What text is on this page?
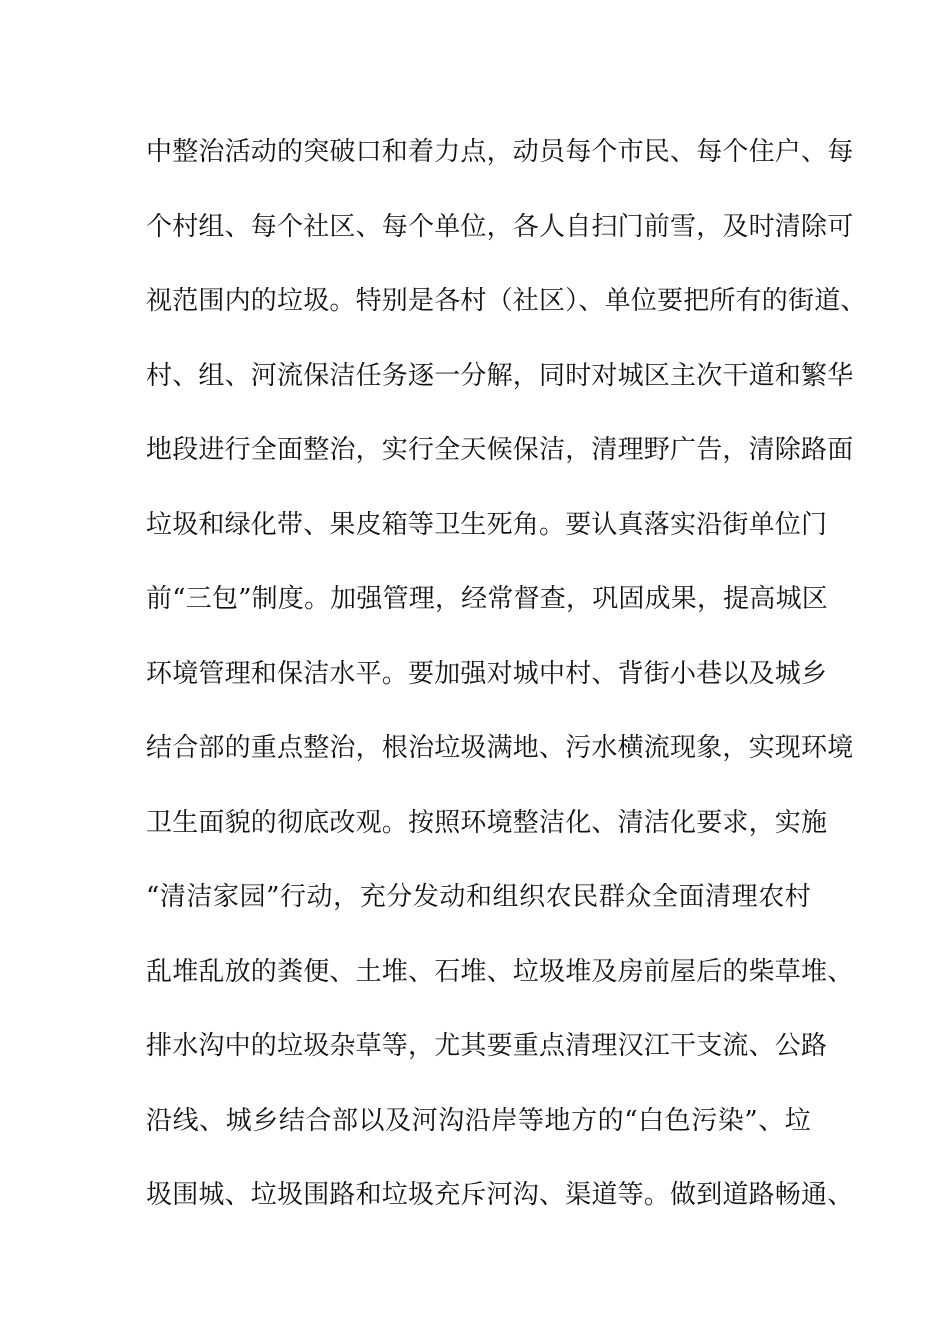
中整治活动的突破口和着力点，动员每个市民、每个住户、每
个村组、每个社区、每个单位，各人自扫门前雪，及时清除可
视范围内的垃圾。特别是各村（社区）、单位要把所有的街道、
村、组、河流保洁任务逐一分解，同时对城区主次干道和繁华
地段进行全面整治，实行全天候保洁，清理野广告，清除路面
垃圾和绿化带、果皮箱等卫生死角。要认真落实沿街单位门
前“三包”制度。加强管理，经常督查，巩固成果，提高城区
环境管理和保洁水平。要加强对城中村、背街小巷以及城乡
结合部的重点整治，根治垃圾满地、污水横流现象，实现环境
卫生面貌的彻底改观。按照环境整洁化、清洁化要求，实施
“清洁家园”行动，充分发动和组织农民群众全面清理农村
乱堆乱放的粪便、土堆、石堆、垃圾堆及房前屋后的柴草堆、
排水沟中的垃圾杂草等，尤其要重点清理汉江干支流、公路
沿线、城乡结合部以及河沟沿岸等地方的“白色污染”、垃
圾围城、垃圾围路和垃圾充斥河沟、渠道等。做到道路畅通、
